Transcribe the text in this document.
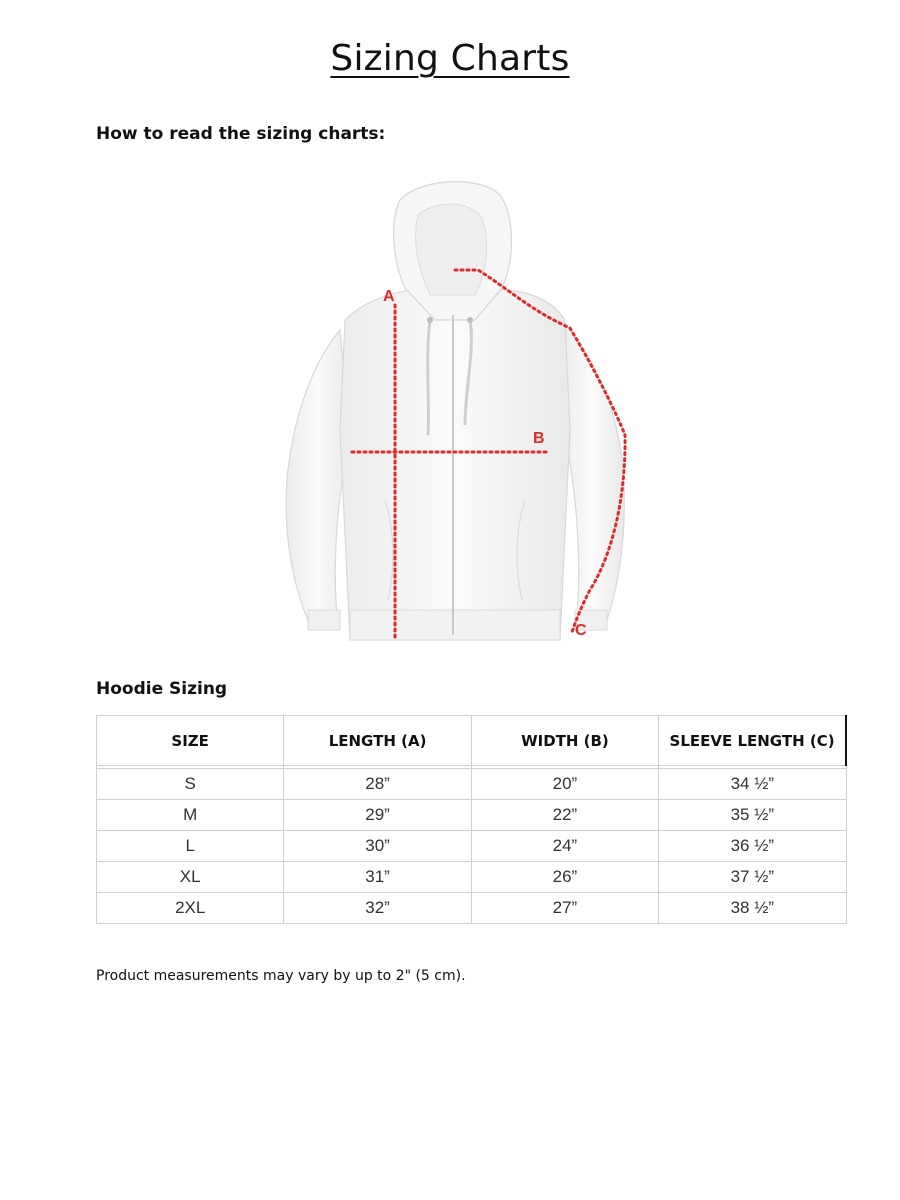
Sizing Charts
How to read the sizing charts:
A
B
C
Hoodie Sizing
SIZE	LENGTH (A)	WIDTH (B)	SLEEVE LENGTH (C)

S	28”	20”	34 ½”
M	29”	22”	35 ½”
L	30”	24”	36 ½”
XL	31”	26”	37 ½”
2XL	32”	27”	38 ½”
Product measurements may vary by up to 2" (5 cm).
